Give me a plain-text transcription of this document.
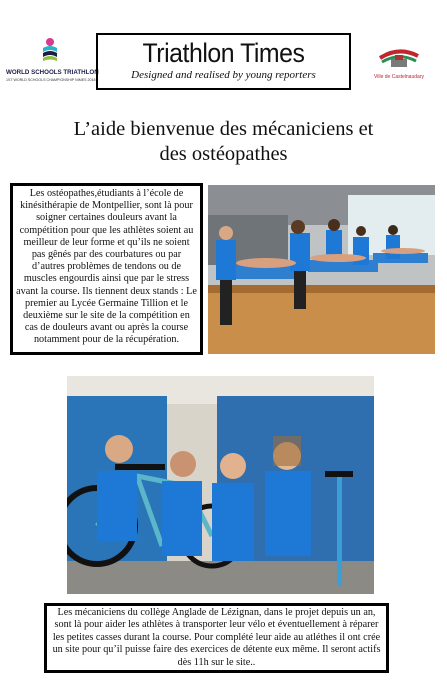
WORLD SCHOOLS TRIATHLON
1ST WORLD SCHOOLS CHAMPIONSHIP NIMES 2018
Triathlon Times
Designed and realised by young reporters	Ville de Castelnaudary
L’aide bienvenue des mécaniciens et
des ostéopathes
Les ostéopathes,étudiants à l’école de kinésithérapie de Montpellier, sont là pour soigner certaines douleurs avant la compétition pour que les athlètes soient au meilleur de leur forme et qu’ils ne soient pas gênés par des courbatures ou par d’autres problèmes de tendons ou de muscles engourdis ainsi que par le stress avant la course. Ils tiennent deux stands : Le premier au Lycée Germaine Tillion et le deuxième sur le site de la compétition en cas de douleurs avant ou après la course notamment pour de la récupération.
Les mécaniciens du collège Anglade de Lézignan, dans le projet depuis un an, sont là pour aider les athlètes à transporter leur vélo et éventuellement à réparer les petites casses durant la course. Pour complété leur aide au atléthes il ont crée un site pour qu’il puisse faire des exercices de détente eux même. Il seront actifs dès 11h sur le site..
